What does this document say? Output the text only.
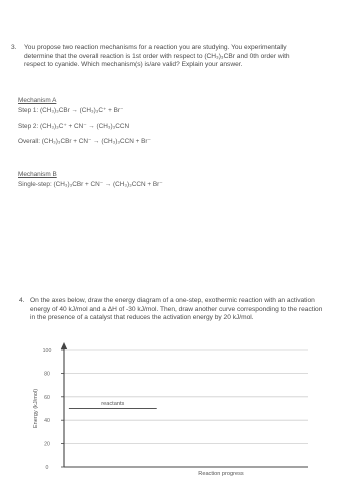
3. You propose two reaction mechanisms for a reaction you are studying. You experimentally determine that the overall reaction is 1st order with respect to (CH₃)₃CBr and 0th order with respect to cyanide. Which mechanism(s) is/are valid? Explain your answer.
Mechanism A
Step 1: (CH₃)₃CBr → (CH₃)₃C⁺ + Br⁻
Step 2: (CH₃)₃C⁺ + CN⁻ → (CH₃)₃CCN
Overall: (CH₃)₃CBr + CN⁻ → (CH₃)₃CCN + Br⁻
Mechanism B
Single-step: (CH₃)₃CBr + CN⁻ → (CH₃)₃CCN + Br⁻
4. On the axes below, draw the energy diagram of a one-step, exothermic reaction with an activation energy of 40 kJ/mol and a ΔH of -30 kJ/mol. Then, draw another curve corresponding to the reaction in the presence of a catalyst that reduces the activation energy by 20 kJ/mol.
100
80
60
40
20
0
Energy (kJ/mol)
Reaction progress
reactants
